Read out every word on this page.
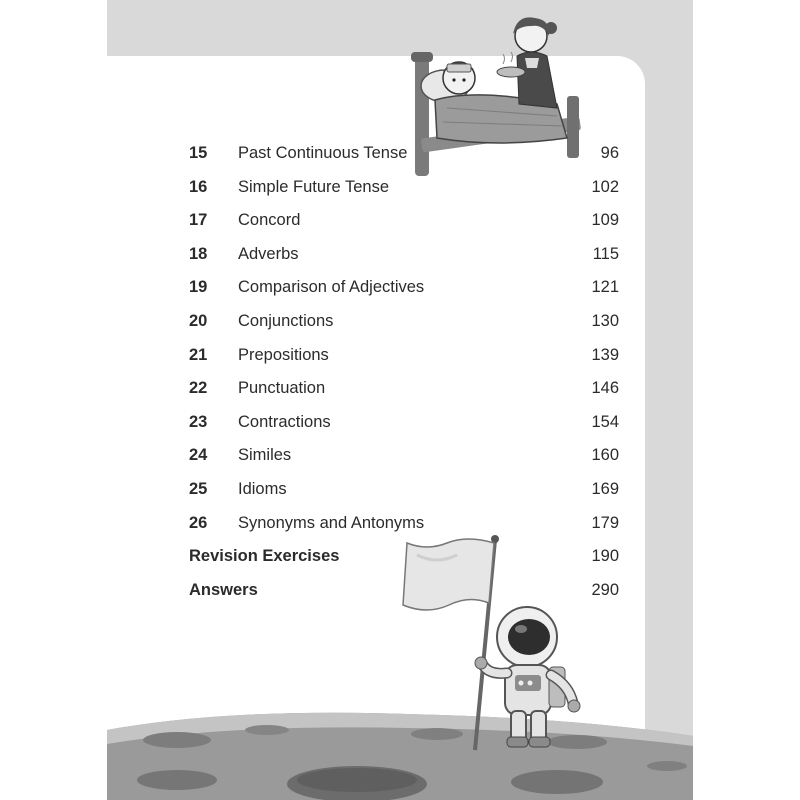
15 Past Continuous Tense	96
16 Simple Future Tense	102
17 Concord	109
18 Adverbs	115
19 Comparison of Adjectives	121
20 Conjunctions	130
21 Prepositions	139
22 Punctuation	146
23 Contractions	154
24 Similes	160
25 Idioms	169
26 Synonyms and Antonyms	179
Revision Exercises	190
Answers	290
